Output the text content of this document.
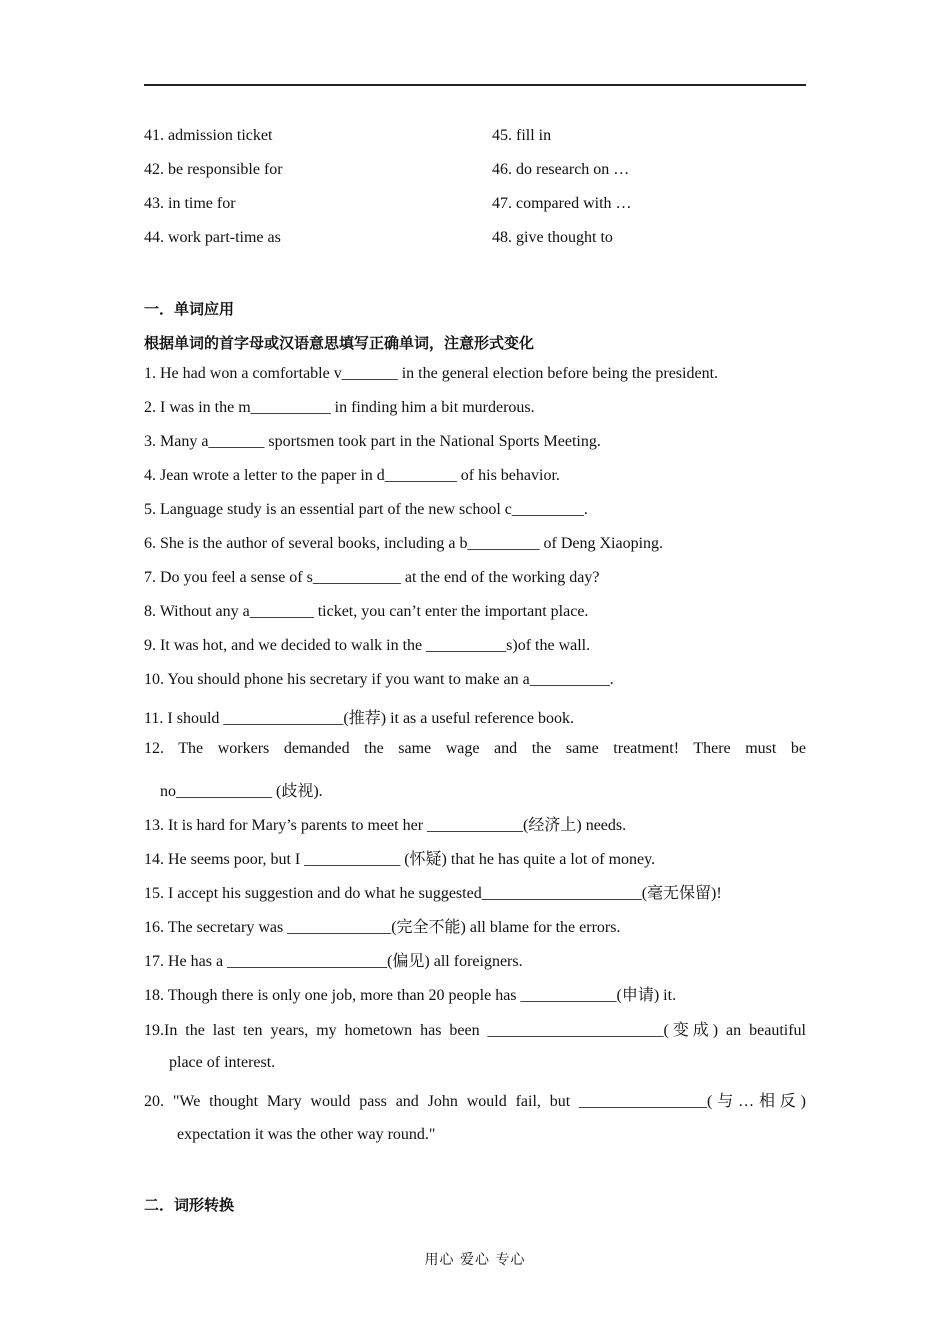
41. admission ticket
42. be responsible for
43. in time for
44. work part-time as
45. fill in
46. do research on …
47. compared with …
48. give thought to
一．单词应用
根据单词的首字母或汉语意思填写正确单词，注意形式变化
1. He had won a comfortable v_______ in the general election before being the president.
2. I was in the m__________ in finding him a bit murderous.
3. Many a_______ sportsmen took part in the National Sports Meeting.
4. Jean wrote a letter to the paper in d_________ of his behavior.
5. Language study is an essential part of the new school c_________.
6. She is the author of several books, including a b_________ of Deng Xiaoping.
7. Do you feel a sense of s___________ at the end of the working day?
8. Without any a________ ticket, you can’t enter the important place.
9. It was hot, and we decided to walk in the __________s)of the wall.
10. You should phone his secretary if you want to make an a__________.
11. I should _______________(推荐) it as a useful reference book.
12. The workers demanded the same wage and the same treatment! There must be
no____________ (歧视).
13. It is hard for Mary’s parents to meet her ____________(经济上) needs.
14. He seems poor, but I ____________ (怀疑) that he has quite a lot of money.
15. I accept his suggestion and do what he suggested____________________(毫无保留)!
16. The secretary was _____________(完全不能) all blame for the errors.
17. He has a ____________________(偏见) all foreigners.
18. Though there is only one job, more than 20 people has ____________(申请) it.
19.In the last ten years, my hometown has been ______________________(变成) an beautiful
place of interest.
20. "We thought Mary would pass and John would fail, but ________________(与…相反)
expectation it was the other way round."
二．词形转换
用心 爱心 专心
